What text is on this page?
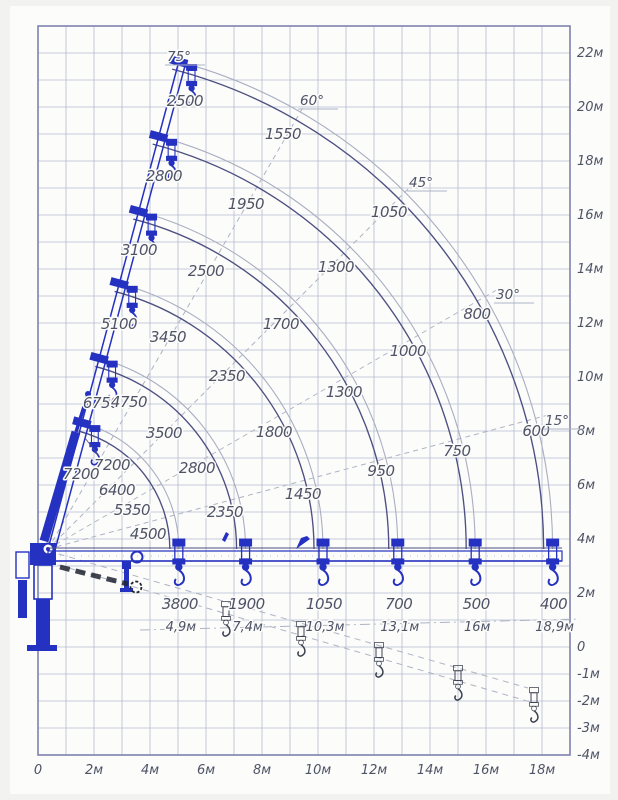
7200
6750
5100
3100
2800
2500
7200
4750
3450
2500
1950
1550
6400
3500
2350
1700
1300
1050
5350
2800
1800
1300
1000
800
4500
2350
1450
950
750
600
3800
4,9м
1900
7,4м
1050
10,3м
700
13,1м
500
16м
400
18,9м
75°
60°
45°
30°
15°
22м
20м
18м
16м
14м
12м
10м
8м
6м
4м
2м
0
-1м
-2м
-3м
-4м
0	2м	4м	6м	8м	10м 12м 14м 16м 18м
